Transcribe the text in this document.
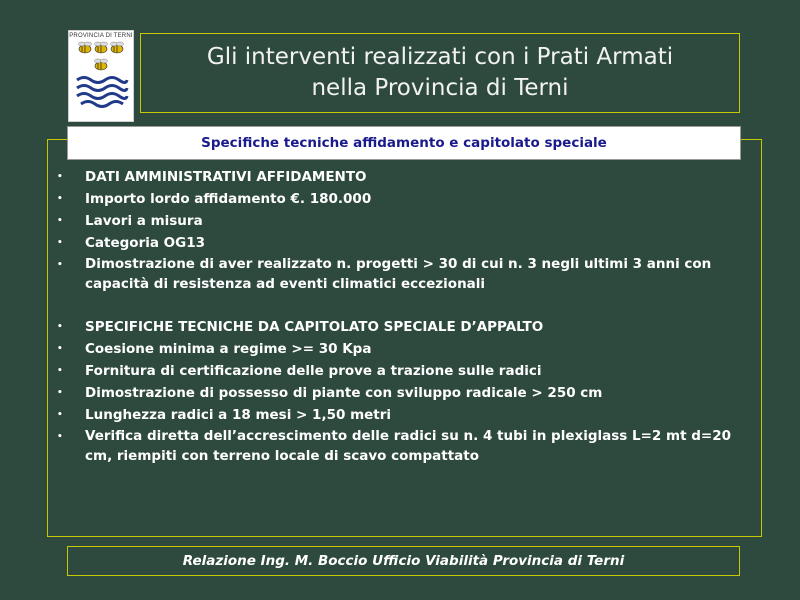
PROVINCIA DI TERNI
Gli interventi realizzati con i Prati Armati
nella Provincia di Terni
Specifiche tecniche affidamento e capitolato speciale
•	DATI AMMINISTRATIVI AFFIDAMENTO
•	Importo lordo affidamento €. 180.000
•	Lavori a misura
•	Categoria OG13
•	Dimostrazione di aver realizzato n. progetti > 30 di cui n. 3 negli ultimi 3 anni con capacità di resistenza ad eventi climatici eccezionali
•	SPECIFICHE TECNICHE DA CAPITOLATO SPECIALE D’APPALTO
•	Coesione minima a regime >= 30 Kpa
•	Fornitura di certificazione delle prove a trazione sulle radici
•	Dimostrazione di possesso di piante con sviluppo radicale > 250 cm
•	Lunghezza radici a 18 mesi > 1,50 metri
•	Verifica diretta dell’accrescimento delle radici su n. 4 tubi in plexiglass L=2 mt d=20 cm, riempiti con terreno locale di scavo compattato
Relazione Ing. M. Boccio Ufficio Viabilità Provincia di Terni
